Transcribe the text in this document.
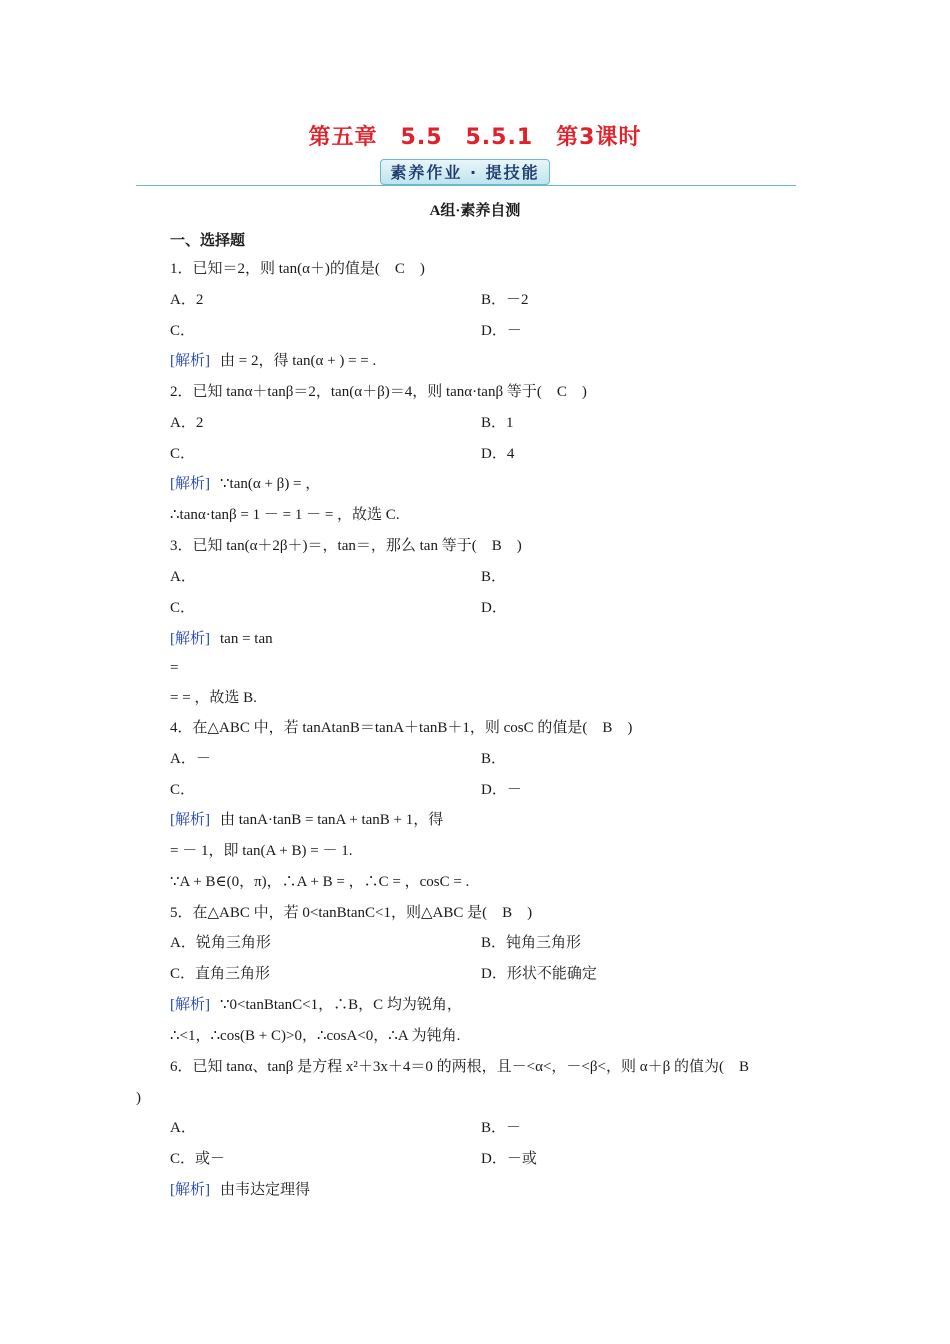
第五章　5.5　5.5.1　第3课时
素养作业 · 提技能
A组·素养自测
一、选择题
1．已知＝2，则 tan(α＋)的值是(　C　)
A．2	B．－2
C．	D．－
[解析] 由 = 2，得 tan(α + ) = = .
2．已知 tanα＋tanβ＝2，tan(α＋β)＝4，则 tanα·tanβ 等于(　C　)
A．2	B．1
C．	D．4
[解析] ∵tan(α + β) = ，
∴tanα·tanβ = 1 － = 1 － = ，故选 C.
3．已知 tan(α＋2β＋)＝，tan＝，那么 tan 等于(　B　)
A．	B．
C．	D．
[解析] tan = tan
=
= = ，故选 B.
4．在△ABC 中，若 tanAtanB＝tanA＋tanB＋1，则 cosC 的值是(　B　)
A．－	B．
C．	D．－
[解析] 由 tanA·tanB = tanA + tanB + 1，得
= － 1，即 tan(A + B) = － 1.
∵A + B∈(0，π)，∴A + B = ，∴C = ，cosC = .
5．在△ABC 中，若 0<tanBtanC<1，则△ABC 是(　B　)
A．锐角三角形	B．钝角三角形
C．直角三角形	D．形状不能确定
[解析] ∵0<tanBtanC<1，∴B，C 均为锐角，
∴<1，∴cos(B + C)>0，∴cosA<0，∴A 为钝角.
6．已知 tanα、tanβ 是方程 x²＋3x＋4＝0 的两根，且－<α<，－<β<，则 α＋β 的值为(　B
)
A．	B．－
C．或－	D．－或
[解析] 由韦达定理得
